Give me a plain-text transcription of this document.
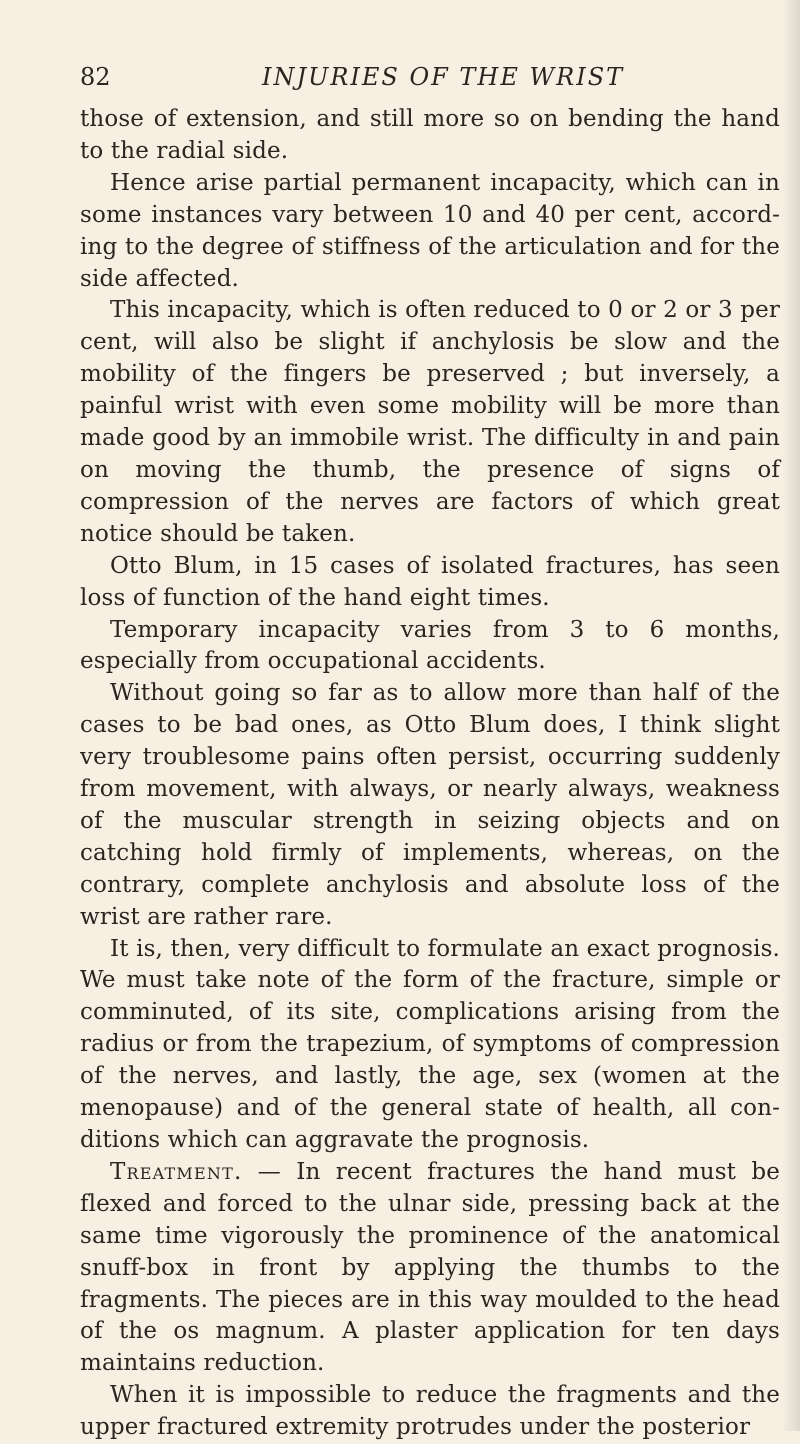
82	INJURIES OF THE WRIST

those of extension, and still more so on bending the hand to the radial side.

Hence arise partial permanent incapacity, which can in some instances vary between 10 and 40 per cent, accord-ing to the degree of stiffness of the articulation and for the side affected.

This incapacity, which is often reduced to 0 or 2 or 3 per cent, will also be slight if anchylosis be slow and the mobility of the fingers be preserved ; but inversely, a painful wrist with even some mobility will be more than made good by an immobile wrist. The difficulty in and pain on moving the thumb, the presence of signs of compression of the nerves are factors of which great notice should be taken.

Otto Blum, in 15 cases of isolated fractures, has seen loss of function of the hand eight times.

Temporary incapacity varies from 3 to 6 months, especially from occupational accidents.

Without going so far as to allow more than half of the cases to be bad ones, as Otto Blum does, I think slight very troublesome pains often persist, occurring suddenly from movement, with always, or nearly always, weakness of the muscular strength in seizing objects and on catching hold firmly of implements, whereas, on the contrary, complete anchylosis and absolute loss of the wrist are rather rare.

It is, then, very difficult to formulate an exact prognosis. We must take note of the form of the fracture, simple or comminuted, of its site, complications arising from the radius or from the trapezium, of symptoms of compression of the nerves, and lastly, the age, sex (women at the menopause) and of the general state of health, all con-ditions which can aggravate the prognosis.

Treatment. — In recent fractures the hand must be flexed and forced to the ulnar side, pressing back at the same time vigorously the prominence of the anatomical snuff-box in front by applying the thumbs to the fragments. The pieces are in this way moulded to the head of the os magnum. A plaster application for ten days maintains reduction.

When it is impossible to reduce the fragments and the upper fractured extremity protrudes under the posterior
